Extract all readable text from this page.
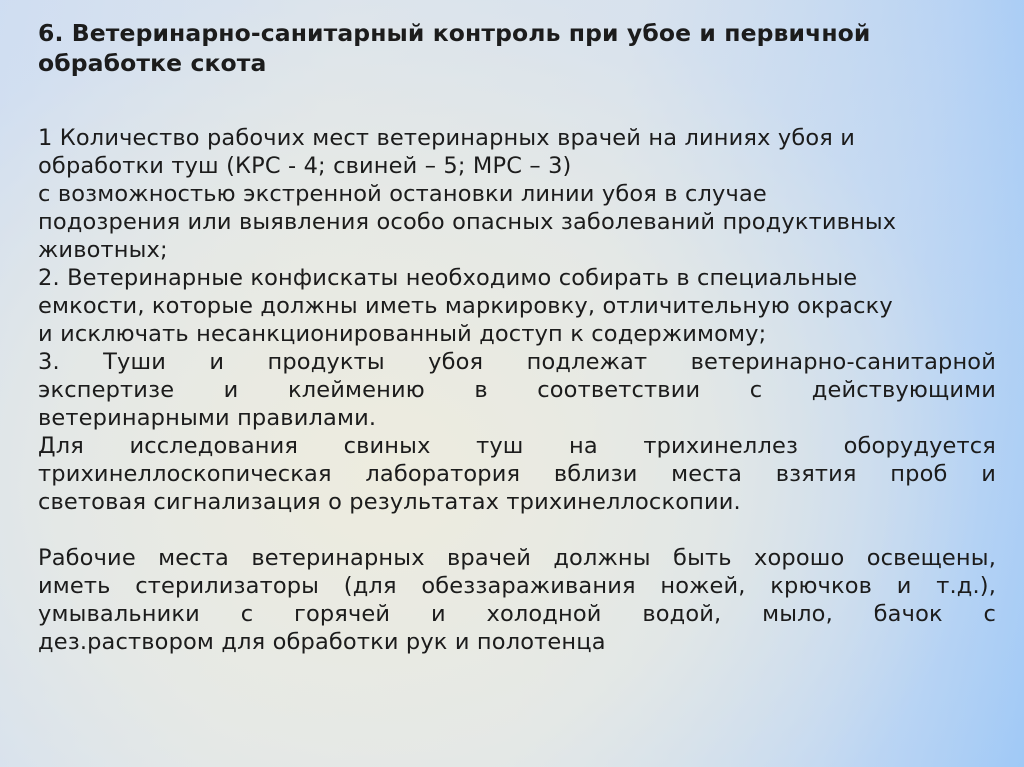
6. Ветеринарно-санитарный контроль при убое и первичной
обработке скота
1 Количество рабочих мест ветеринарных врачей на линиях убоя и
обработки туш (КРС - 4; свиней – 5; МРС – 3)
с возможностью экстренной остановки линии убоя в случае
подозрения или выявления особо опасных заболеваний продуктивных
животных;
2. Ветеринарные конфискаты необходимо собирать в специальные
емкости, которые должны иметь маркировку, отличительную окраску
и исключать несанкционированный доступ к содержимому;
3. Туши и продукты убоя подлежат ветеринарно-санитарной
экспертизе и клеймению в соответствии с действующими
ветеринарными правилами.
Для исследования свиных туш на трихинеллез оборудуется
трихинеллоскопическая лаборатория вблизи места взятия проб и
световая сигнализация о результатах трихинеллоскопии.
Рабочие места ветеринарных врачей должны быть хорошо освещены,
иметь стерилизаторы (для обеззараживания ножей, крючков и т.д.),
умывальники с горячей и холодной водой, мыло, бачок с
дез.раствором для обработки рук и полотенца
